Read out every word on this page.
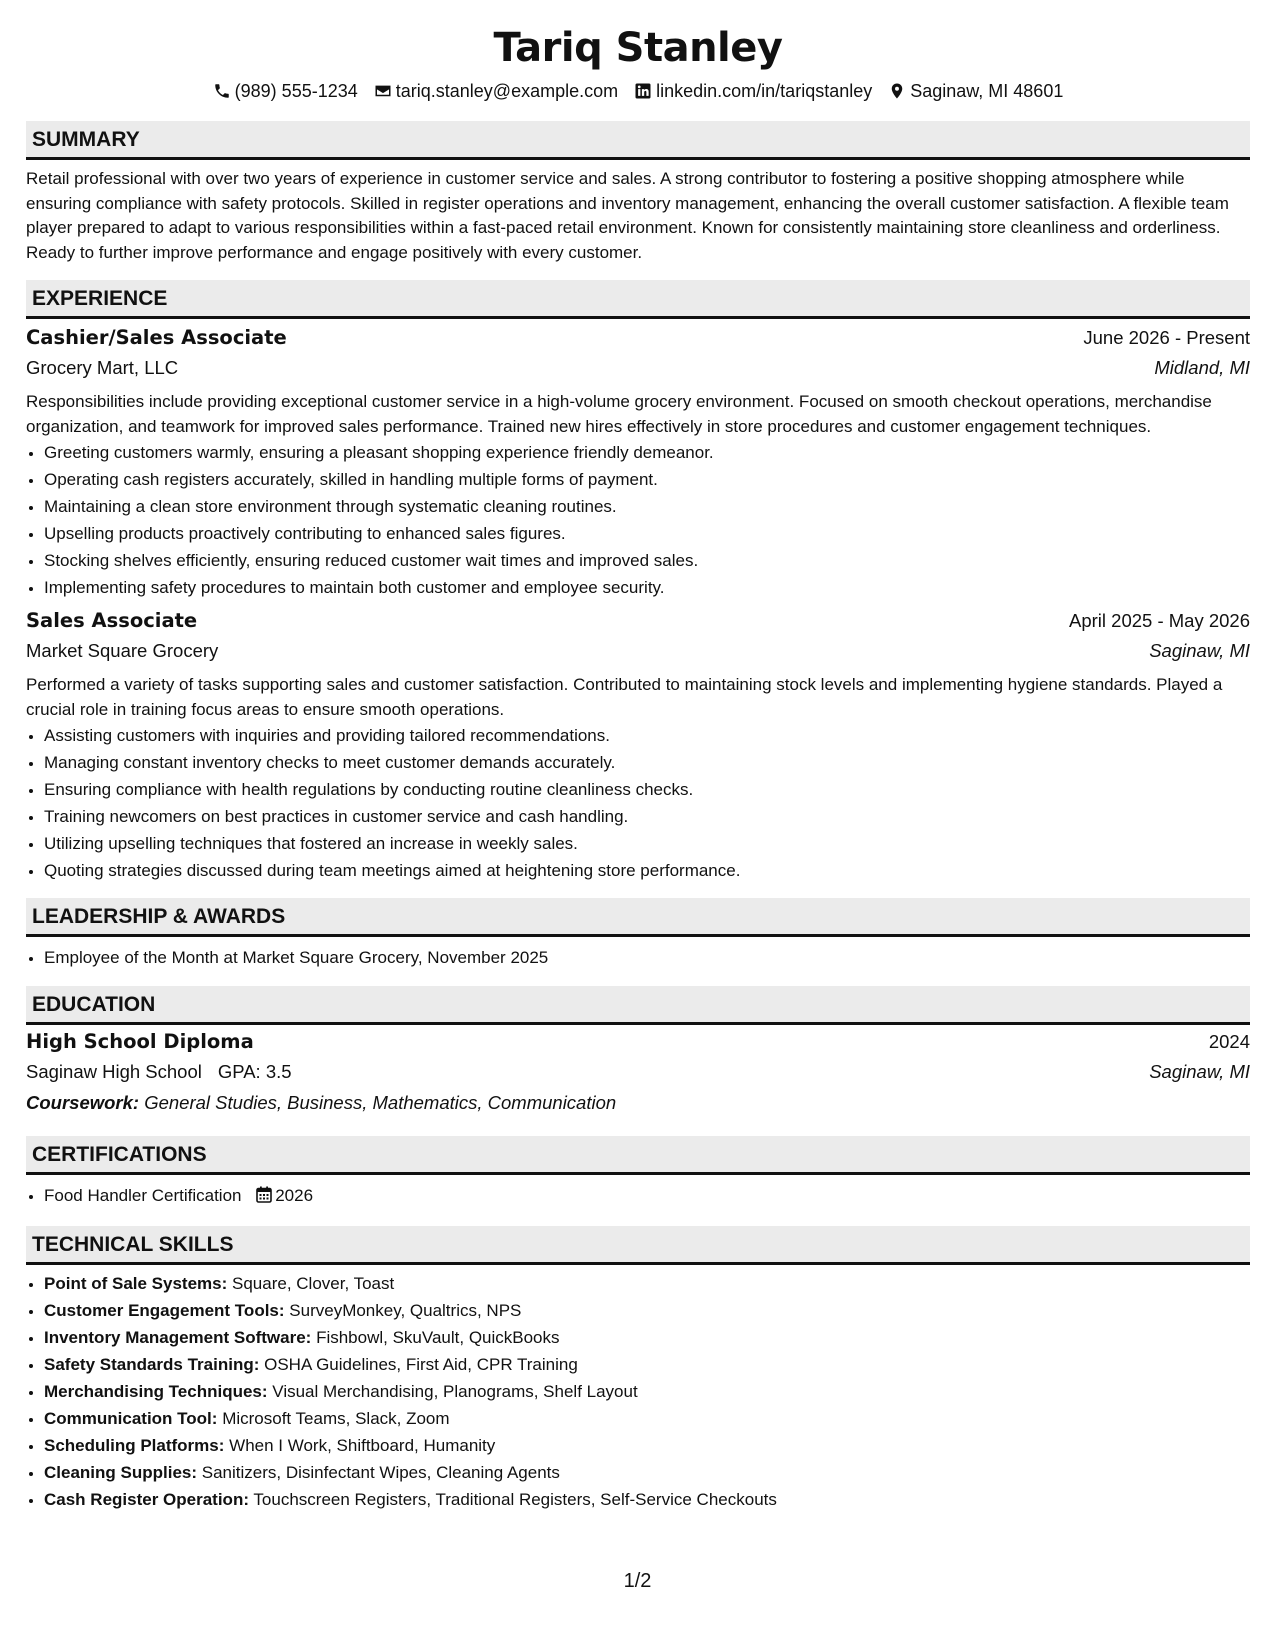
Tariq Stanley
(989) 555-1234 tariq.stanley@example.com linkedin.com/in/tariqstanley Saginaw, MI 48601
SUMMARY
Retail professional with over two years of experience in customer service and sales. A strong contributor to fostering a positive shopping atmosphere while ensuring compliance with safety protocols. Skilled in register operations and inventory management, enhancing the overall customer satisfaction. A flexible team player prepared to adapt to various responsibilities within a fast-paced retail environment. Known for consistently maintaining store cleanliness and orderliness. Ready to further improve performance and engage positively with every customer.
EXPERIENCE
Cashier/Sales Associate	June 2026 - Present
Grocery Mart, LLC	Midland, MI
Responsibilities include providing exceptional customer service in a high-volume grocery environment. Focused on smooth checkout operations, merchandise organization, and teamwork for improved sales performance. Trained new hires effectively in store procedures and customer engagement techniques.
• Greeting customers warmly, ensuring a pleasant shopping experience friendly demeanor.
• Operating cash registers accurately, skilled in handling multiple forms of payment.
• Maintaining a clean store environment through systematic cleaning routines.
• Upselling products proactively contributing to enhanced sales figures.
• Stocking shelves efficiently, ensuring reduced customer wait times and improved sales.
• Implementing safety procedures to maintain both customer and employee security.
Sales Associate	April 2025 - May 2026
Market Square Grocery	Saginaw, MI
Performed a variety of tasks supporting sales and customer satisfaction. Contributed to maintaining stock levels and implementing hygiene standards. Played a crucial role in training focus areas to ensure smooth operations.
• Assisting customers with inquiries and providing tailored recommendations.
• Managing constant inventory checks to meet customer demands accurately.
• Ensuring compliance with health regulations by conducting routine cleanliness checks.
• Training newcomers on best practices in customer service and cash handling.
• Utilizing upselling techniques that fostered an increase in weekly sales.
• Quoting strategies discussed during team meetings aimed at heightening store performance.
LEADERSHIP & AWARDS
• Employee of the Month at Market Square Grocery, November 2025
EDUCATION
High School Diploma	2024
Saginaw High School GPA: 3.5	Saginaw, MI
Coursework: General Studies, Business, Mathematics, Communication
CERTIFICATIONS
• Food Handler Certification 2026
TECHNICAL SKILLS
• Point of Sale Systems: Square, Clover, Toast
• Customer Engagement Tools: SurveyMonkey, Qualtrics, NPS
• Inventory Management Software: Fishbowl, SkuVault, QuickBooks
• Safety Standards Training: OSHA Guidelines, First Aid, CPR Training
• Merchandising Techniques: Visual Merchandising, Planograms, Shelf Layout
• Communication Tool: Microsoft Teams, Slack, Zoom
• Scheduling Platforms: When I Work, Shiftboard, Humanity
• Cleaning Supplies: Sanitizers, Disinfectant Wipes, Cleaning Agents
• Cash Register Operation: Touchscreen Registers, Traditional Registers, Self-Service Checkouts
1/2
